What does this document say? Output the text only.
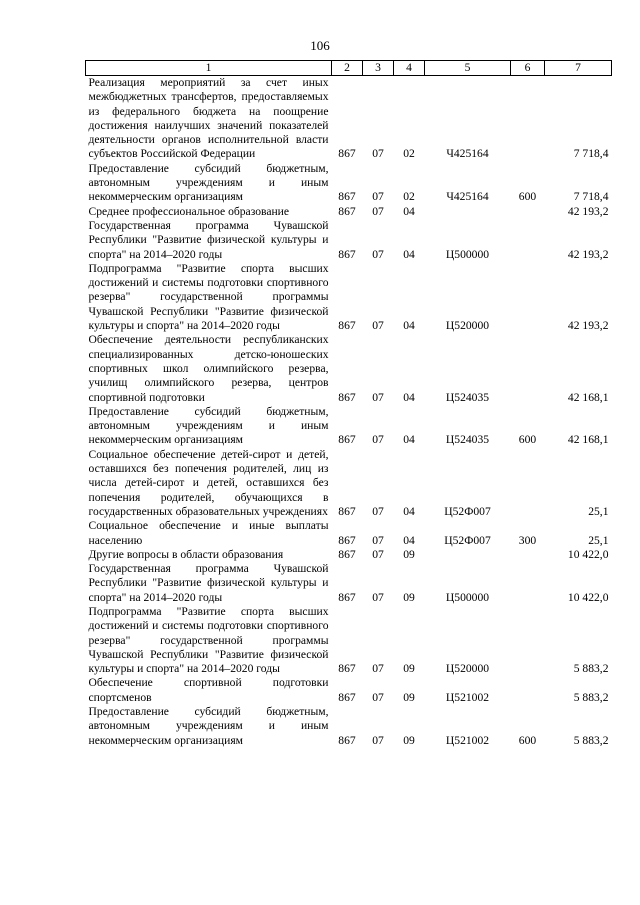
106
1	2	3	4	5	6	7
Реализация мероприятий за счет иных межбюджетных трансфертов, предоставляемых из федерального бюджета на поощрение достижения наилучших значений показателей деятельности органов исполнительной власти субъектов Российской Федерации	867	07	02	Ч425164		7 718,4
Предоставление субсидий бюджетным, автономным учреждениям и иным некоммерческим организациям	867	07	02	Ч425164	600	7 718,4
Среднее профессиональное образование	867	07	04			42 193,2
Государственная программа Чувашской Республики "Развитие физической культуры и спорта" на 2014–2020 годы	867	07	04	Ц500000		42 193,2
Подпрограмма "Развитие спорта высших достижений и системы подготовки спортивного резерва" государственной программы Чувашской Республики "Развитие физической культуры и спорта" на 2014–2020 годы	867	07	04	Ц520000		42 193,2
Обеспечение деятельности республиканских специализированных детско-юношеских спортивных школ олимпийского резерва, училищ олимпийского резерва, центров спортивной подготовки	867	07	04	Ц524035		42 168,1
Предоставление субсидий бюджетным, автономным учреждениям и иным некоммерческим организациям	867	07	04	Ц524035	600	42 168,1
Социальное обеспечение детей-сирот и детей, оставшихся без попечения родителей, лиц из числа детей-сирот и детей, оставшихся без попечения родителей, обучающихся в государственных образовательных учреждениях	867	07	04	Ц52Ф007		25,1
Социальное обеспечение и иные выплаты населению	867	07	04	Ц52Ф007	300	25,1
Другие вопросы в области образования	867	07	09			10 422,0
Государственная программа Чувашской Республики "Развитие физической культуры и спорта" на 2014–2020 годы	867	07	09	Ц500000		10 422,0
Подпрограмма "Развитие спорта высших достижений и системы подготовки спортивного резерва" государственной программы Чувашской Республики "Развитие физической культуры и спорта" на 2014–2020 годы	867	07	09	Ц520000		5 883,2
Обеспечение спортивной подготовки спортсменов	867	07	09	Ц521002		5 883,2
Предоставление субсидий бюджетным, автономным учреждениям и иным некоммерческим организациям	867	07	09	Ц521002	600	5 883,2
